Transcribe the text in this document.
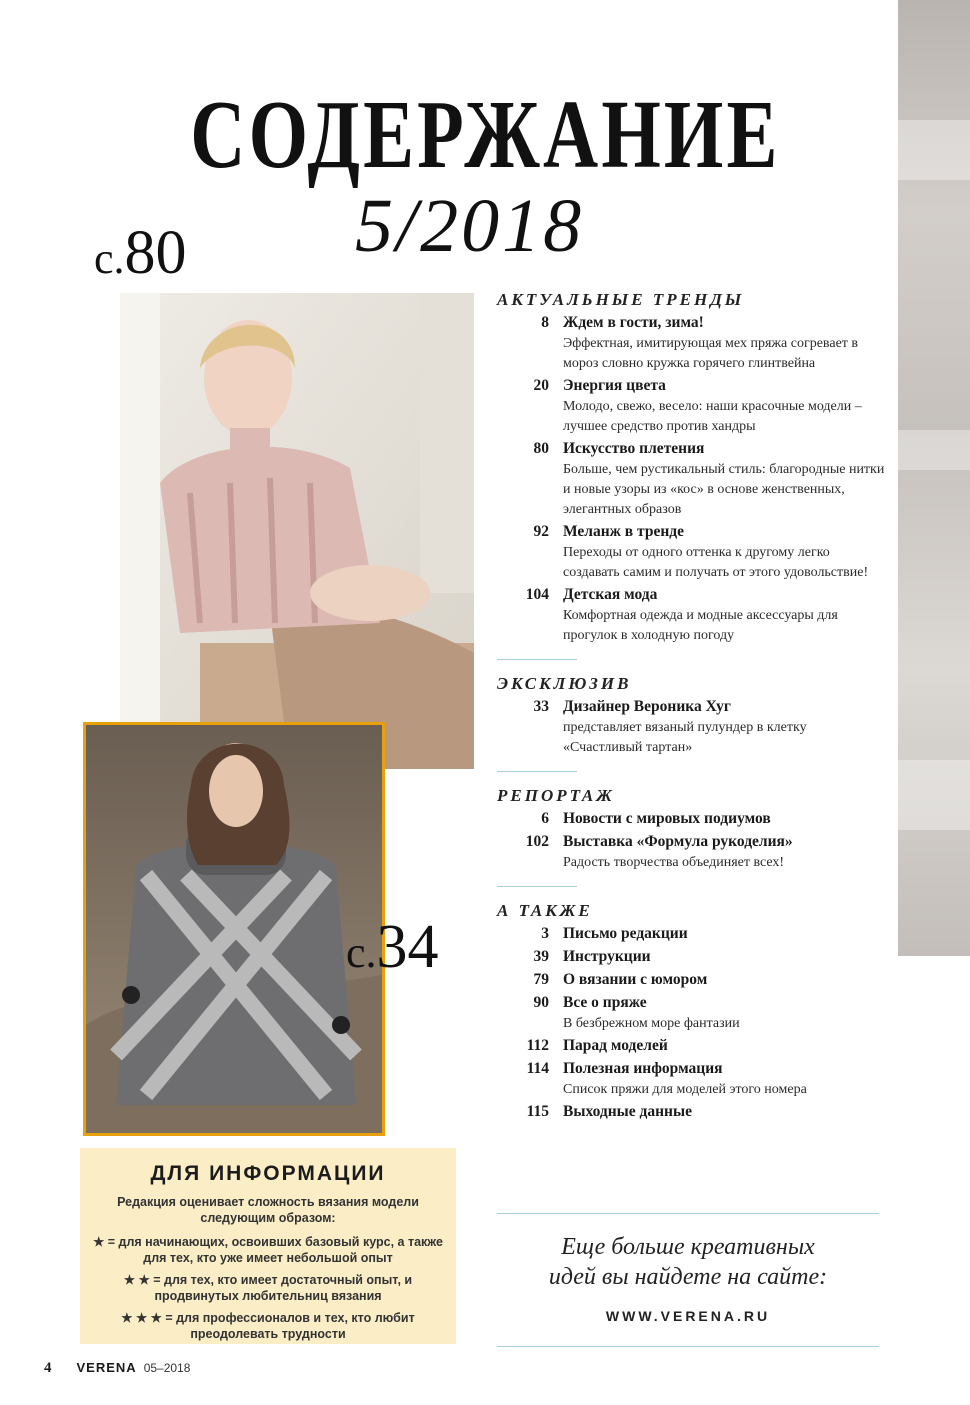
СОДЕРЖАНИЕ
5/2018
с.80
с.34
АКТУАЛЬНЫЕ ТРЕНДЫ
8 Ждем в гости, зима!
Эффектная, имитирующая мех пряжа согревает в мороз словно кружка горячего глинтвейна
20 Энергия цвета
Молодо, свежо, весело: наши красочные модели – лучшее средство против хандры
80 Искусство плетения
Больше, чем рустикальный стиль: благородные нитки и новые узоры из «кос» в основе женственных, элегантных образов
92 Меланж в тренде
Переходы от одного оттенка к другому легко создавать самим и получать от этого удовольствие!
104 Детская мода
Комфортная одежда и модные аксессуары для прогулок в холодную погоду
ЭКСКЛЮЗИВ
33 Дизайнер Вероника Хуг
представляет вязаный пулундер в клетку «Счастливый тартан»
РЕПОРТАЖ
6 Новости с мировых подиумов
102 Выставка «Формула рукоделия»
Радость творчества объединяет всех!
А ТАКЖЕ
3 Письмо редакции
39 Инструкции
79 О вязании с юмором
90 Все о пряже
В безбрежном море фантазии
112 Парад моделей
114 Полезная информация
Список пряжи для моделей этого номера
115 Выходные данные
ДЛЯ ИНФОРМАЦИИ
Редакция оценивает сложность вязания модели следующим образом:
★ = для начинающих, освоивших базовый курс, а также для тех, кто уже имеет небольшой опыт
★ ★ = для тех, кто имеет достаточный опыт, и продвинутых любительниц вязания
★ ★ ★ = для профессионалов и тех, кто любит преодолевать трудности
Еще больше креативных
идей вы найдете на сайте:
WWW.VERENA.RU
4 VERENA 05–2018
